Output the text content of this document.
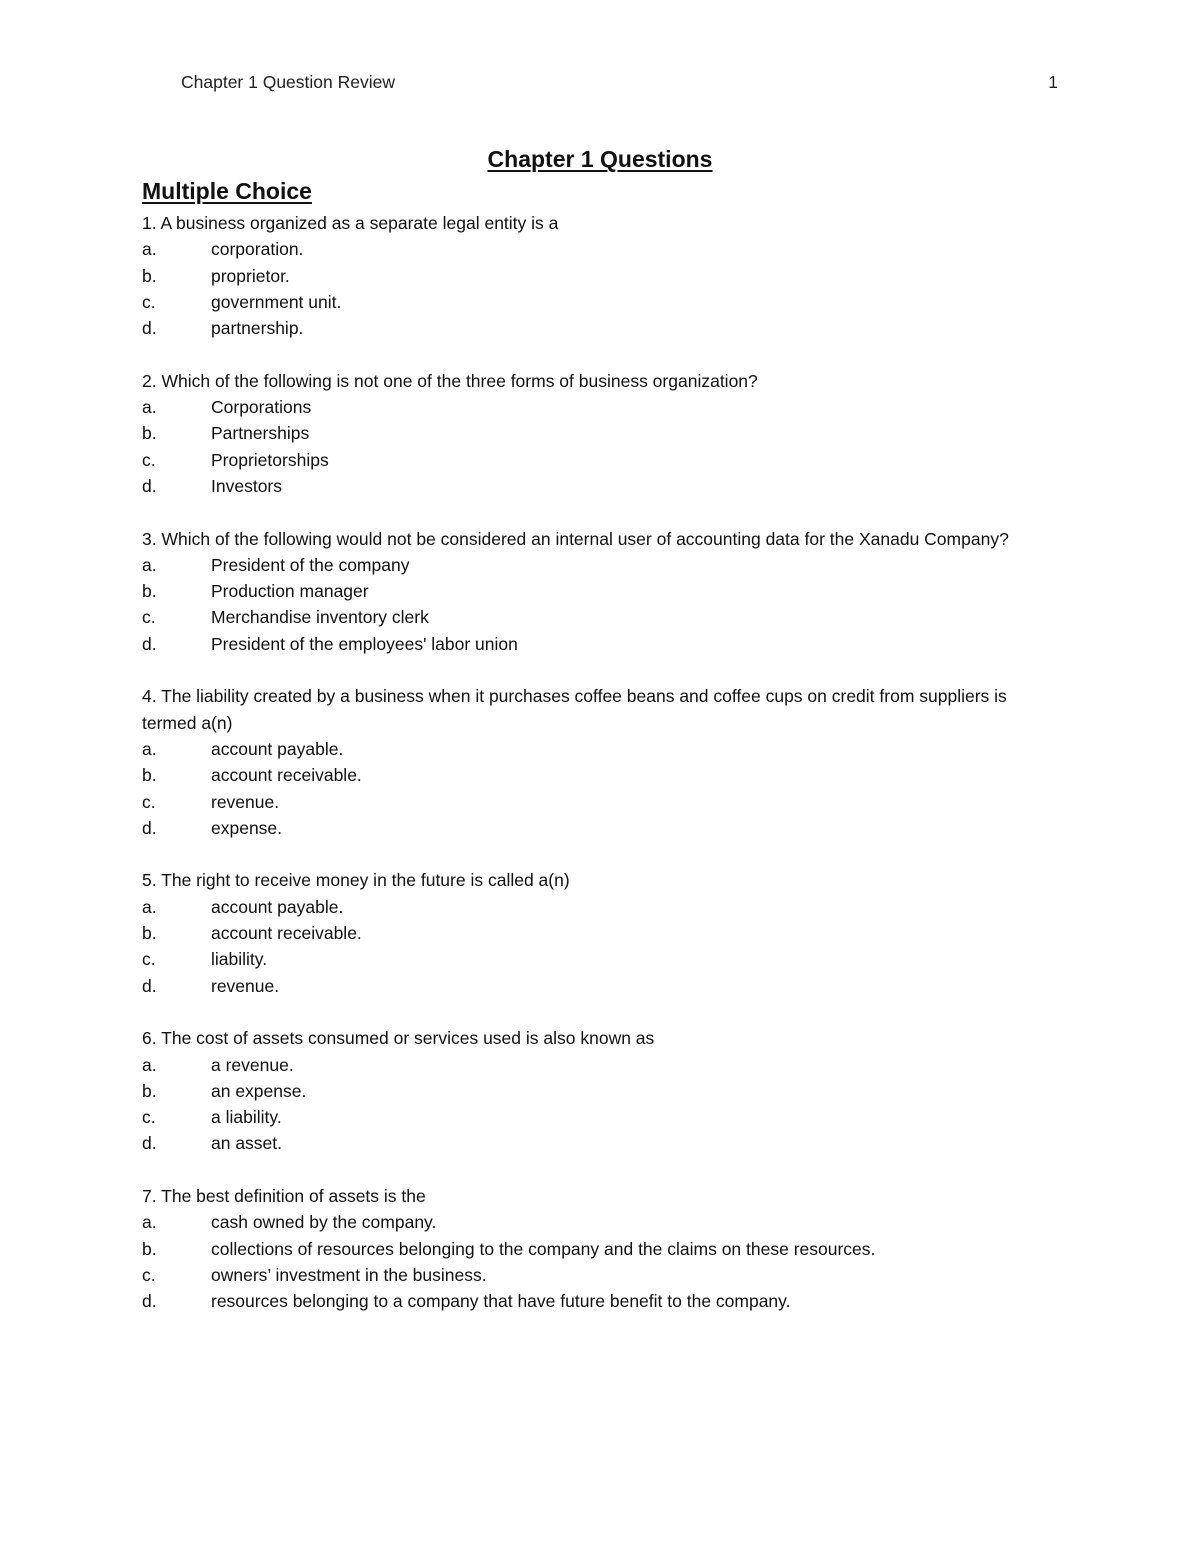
Chapter 1 Question Review	1
Chapter 1 Questions
Multiple Choice
1. A business organized as a separate legal entity is a
a.	corporation.
b.	proprietor.
c.	government unit.
d.	partnership.
2. Which of the following is not one of the three forms of business organization?
a.	Corporations
b.	Partnerships
c.	Proprietorships
d.	Investors
3. Which of the following would not be considered an internal user of accounting data for the Xanadu Company?
a.	President of the company
b.	Production manager
c.	Merchandise inventory clerk
d.	President of the employees' labor union
4. The liability created by a business when it purchases coffee beans and coffee cups on credit from suppliers is termed a(n)
a.	account payable.
b.	account receivable.
c.	revenue.
d.	expense.
5. The right to receive money in the future is called a(n)
a.	account payable.
b.	account receivable.
c.	liability.
d.	revenue.
6. The cost of assets consumed or services used is also known as
a.	a revenue.
b.	an expense.
c.	a liability.
d.	an asset.
7. The best definition of assets is the
a.	cash owned by the company.
b.	collections of resources belonging to the company and the claims on these resources.
c.	owners’ investment in the business.
d.	resources belonging to a company that have future benefit to the company.
